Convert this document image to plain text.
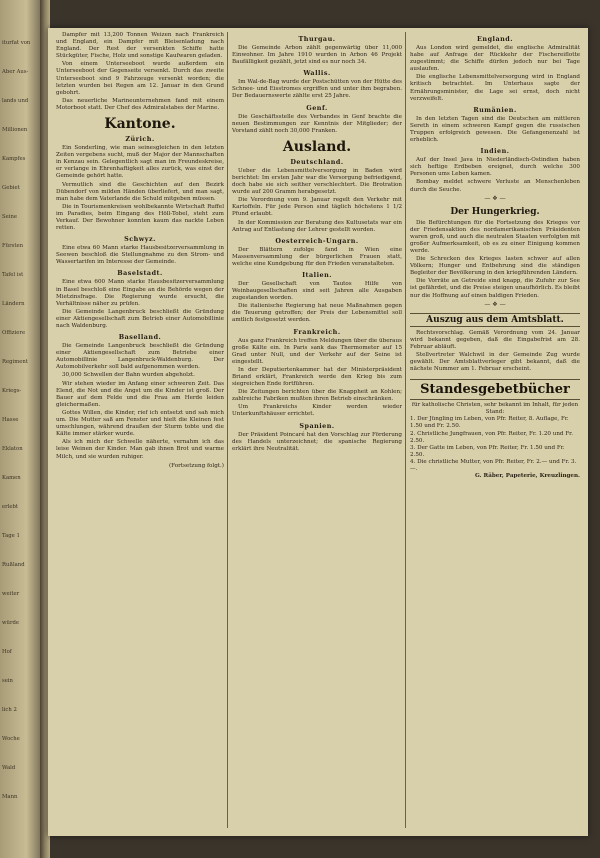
iturfat von
Aber Aus-
lands und
Millionen
Kampfes
Gebiet
Seine
Fürsten
Tafel ist
Ländern
Offiziere
Regiment
Kriegs-
Hasse
Eklaton
Kamen
erlebt
Tage 1
Rußland
weiter
würde
Hof
sein
lich 2
Woche
Wald
Mann

Dampfer mit 13,200 Tonnen Weizen nach Frankreich und England, ein Dampfer mit Bleisenladung nach England. Der Rest der versenkten Schiffe hatte Stückgüter, Fische, Holz und sonstige Kaufwaren geladen.

Von einem Unterseeboot wurde außerdem ein Unterseeboot der Gegenseite versenkt. Durch das zweite Unterseeboot sind 9 Fahrzeuge versenkt worden; die letzten wurden bei Regen am 12. Januar in den Grund gebohrt.

Das neuerliche Marineunternehmen fand mit einem Motorboot statt. Der Chef des Admiralstabes der Marine.

Kantone.
Zürich.

Ein Sonderling, wie man seinesgleichen in den letzten Zeiten vergebens sucht, muß der Major der Mannschaften in Kenzau sein. Gelegentlich sagt man im Freundeskreise, er verlange in Ehrenhaftigkeit alles zurück, was einst der Gemeinde gehört hatte.

Vermutlich sind die Geschichten auf den Bezirk Dübendorf von milden Händen überliefert, und man sagt, man habe dem Vaterlande die Schuld mitgeben müssen.

Die in Tourismenkreisen wohlbekannte Wirtschaft Ruffel im Paradies, beim Eingang des Höll-Tobel, steht zum Verkauf. Der Bewohner konnten kaum das nackte Leben retten.

Schwyz.

Eine etwa 60 Mann starke Hausbesitzerversammlung in Seewen beschloß die Stellungnahme zu den Strom- und Wassertarifen im Interesse der Gemeinde.

Baselstadt.

Eine etwa 600 Mann starke Hausbesitzerversammlung in Basel beschloß eine Eingabe an die Behörde wegen der Mietzinsfrage. Die Regierung wurde ersucht, die Verhältnisse näher zu prüfen.

Die Gemeinde Langenbruck beschließt die Gründung einer Aktiengesellschaft zum Betrieb einer Automobillinie nach Waldenburg.

Baselland.

Die Gemeinde Langenbruck beschließt die Gründung einer Aktiengesellschaft zum Betriebe einer Automobillinie Langenbruck-Waldenburg. Der Automobilverkehr soll bald aufgenommen werden.

30,000 Schwellen der Bahn wurden abgeholzt.

Wir stehen wieder im Anfang einer schweren Zeit. Das Elend, die Not und die Angst um die Kinder ist groß. Der Bauer auf dem Felde und die Frau am Herde leiden gleichermaßen.

Gottes Willen, die Kinder, rief ich entsetzt und sah mich um. Die Mutter saß am Fenster und hielt die Kleinen fest umschlungen, während draußen der Sturm tobte und die Kälte immer stärker wurde.

Als ich mich der Schwelle näherte, vernahm ich das leise Weinen der Kinder. Man gab ihnen Brot und warme Milch, und sie wurden ruhiger.

(Fortsetzung folgt.)
Thurgau.

Die Gemeinde Arbon zählt gegenwärtig über 11,000 Einwohner. Im Jahre 1910 wurden in Arbon 46 Projekt Baufälligkeit gezählt, jetzt sind es nur noch 34.

Wallis.

Im Wal-de-Bag wurde der Postschütten von der Hütte des Schnee- und Eisstromes ergriffen und unter ihm begraben. Der Bedauernswerte zählte erst 25 Jahre.

Genf.

Die Geschäftsstelle des Verbandes in Genf brachte die neuen Bestimmungen zur Kenntnis der Mitglieder; der Vorstand zählt noch 30,000 Franken.

Ausland.
Deutschland.

Ueber die Lebensmittelversorgung in Baden wird berichtet: Im ersten Jahr war die Versorgung befriedigend, doch habe sie sich seither verschlechtert. Die Brotration wurde auf 200 Gramm herabgesetzt.

Die Verordnung vom 9. Januar regelt den Verkehr mit Kartoffeln. Für jede Person sind täglich höchstens 1 1/2 Pfund erlaubt.

In der Kommission zur Beratung des Kultusetats war ein Antrag auf Entlastung der Lehrer gestellt worden.

Oesterreich-Ungarn.

Der Blättern zufolge fand in Wien eine Massenversammlung der bürgerlichen Frauen statt, welche eine Kundgebung für den Frieden veranstalteten.

Italien.

Der Gesellschaft von Tautos Hilfe von Weinbaugesellschaften sind seit Jahren alle Ausgaben zugestanden worden.

Die italienische Regierung hat neue Maßnahmen gegen die Teuerung getroffen; der Preis der Lebensmittel soll amtlich festgesetzt werden.

Frankreich.

Aus ganz Frankreich treffen Meldungen über die überaus große Kälte ein. In Paris sank das Thermometer auf 15 Grad unter Null, und der Verkehr auf der Seine ist eingestellt.

In der Deputiertenkammer hat der Ministerpräsident Briand erklärt, Frankreich werde den Krieg bis zum siegreichen Ende fortführen.

Die Zeitungen berichten über die Knappheit an Kohlen; zahlreiche Fabriken mußten ihren Betrieb einschränken.

Um Frankreichs Kinder werden wieder Unterkunftshäuser errichtet.

Spanien.

Der Präsident Poincaré hat den Vorschlag zur Förderung des Handels unterzeichnet; die spanische Regierung erklärt ihre Neutralität.

England.

Aus London wird gemeldet, die englische Admiralität habe auf Anfrage der Rückkehr der Fischereiflotte zugestimmt; die Schiffe dürfen jedoch nur bei Tage auslaufen.

Die englische Lebensmittelversorgung wird in England kritisch betrachtet. Im Unterhaus sagte der Ernährungsminister, die Lage sei ernst, doch nicht verzweifelt.

Rumänien.

In den letzten Tagen sind die Deutschen am mittleren Sereth in einem schweren Kampf gegen die russischen Truppen erfolgreich gewesen. Die Gefangenenzahl ist erheblich.

Indien.

Auf der Insel Java in Niederländisch-Ostindien haben sich heftige Erdbeben ereignet, durch welche 300 Personen ums Leben kamen.

Bombay meldet schwere Verluste an Menschenleben durch die Seuche.

— ❖ —
Der Hungerkrieg.

Die Befürchtungen für die Fortsetzung des Krieges vor der Friedensaktion des nordamerikanischen Präsidenten waren groß, und auch die neutralen Staaten verfolgten mit großer Aufmerksamkeit, ob es zu einer Einigung kommen werde.

Die Schrecken des Krieges lasten schwer auf allen Völkern; Hunger und Entbehrung sind die ständigen Begleiter der Bevölkerung in den kriegführenden Ländern.

Die Vorräte an Getreide sind knapp, die Zufuhr zur See ist gefährdet, und die Preise steigen unaufhörlich. Es bleibt nur die Hoffnung auf einen baldigen Frieden.

— ❖ —
Auszug aus dem Amtsblatt.

Rechtsvorschlag. Gemäß Verordnung vom 24. Januar wird bekannt gegeben, daß die Eingabefrist am 28. Februar abläuft.

Stellvertreter Walchwil in der Gemeinde Zug wurde gewählt. Der Amtsblattverleger gibt bekannt, daß die nächste Nummer am 1. Februar erscheint.

Standesgebetbücher
für katholische Christen, sehr bekannt im Inhalt, für jeden Stand:
1. Der Jüngling im Leben, von Pfr. Reiter, 8. Auflage, Fr. 1.50 und Fr. 2.50.
2. Christliche Jungfrauen, von Pfr. Reiter, Fr. 1.20 und Fr. 2.50.
3. Der Gatte im Leben, von Pfr. Reiter, Fr. 1.50 und Fr. 2.50.
4. Die christliche Mutter, von Pfr. Reiter, Fr. 2.— und Fr. 3.—.
G. Räber, Papeterie, Kreuzlingen.
